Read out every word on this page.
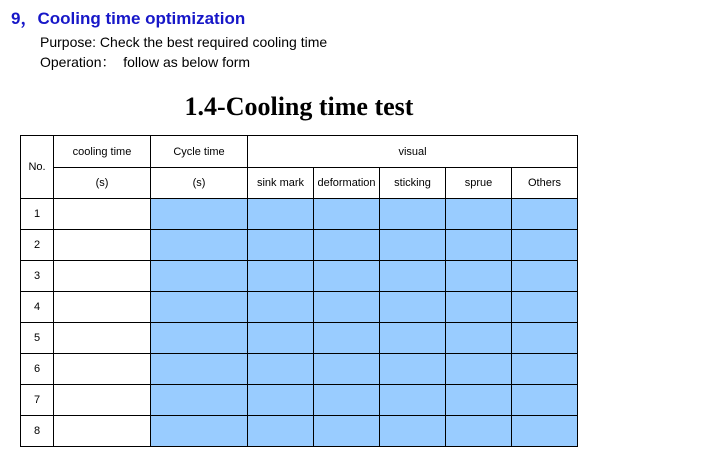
9，Cooling time optimization
Purpose: Check the best required cooling time
Operation：  follow as below form
1.4-Cooling time test
No.	cooling time	Cycle time	visual				
	(s)	(s)	sink mark	deformation	sticking	sprue	Others
1							
2							
3							
4							
5							
6							
7							
8							
